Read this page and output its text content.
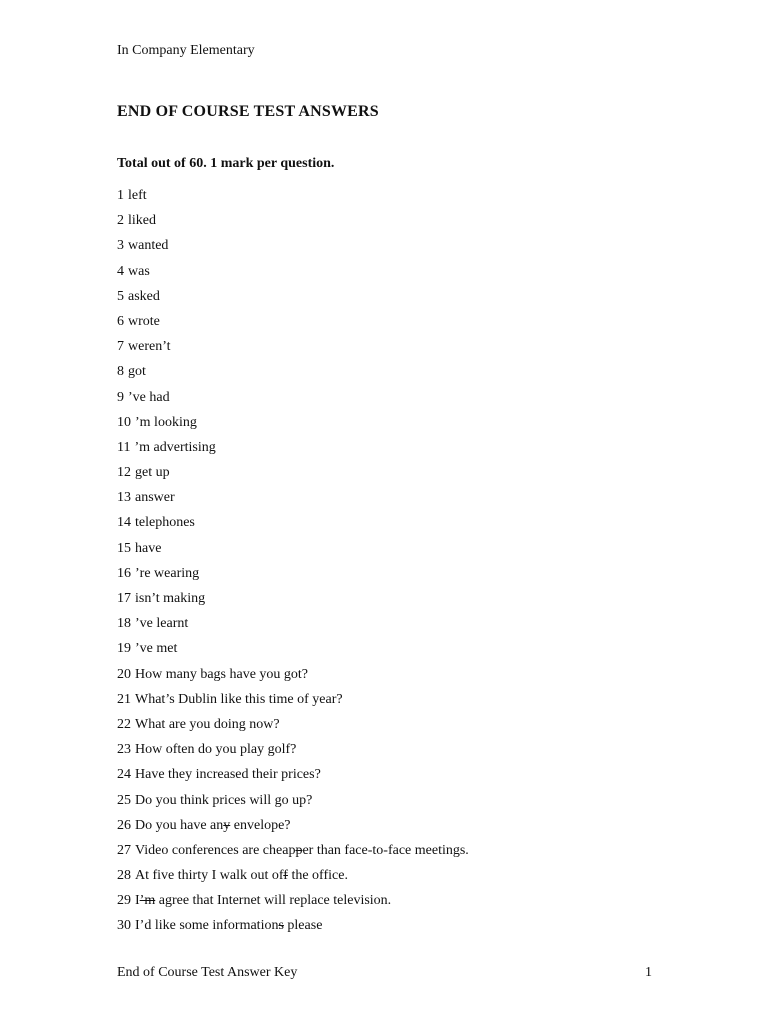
In Company Elementary
END OF COURSE TEST ANSWERS
Total out of 60. 1 mark per question.
1 left
2 liked
3 wanted
4 was
5 asked
6 wrote
7 weren’t
8 got
9 ’ve had
10 ’m looking
11 ’m advertising
12 get up
13 answer
14 telephones
15 have
16 ’re wearing
17 isn’t making
18 ’ve learnt
19 ’ve met
20 How many bags have you got?
21 What’s Dublin like this time of year?
22 What are you doing now?
23 How often do you play golf?
24 Have they increased their prices?
25 Do you think prices will go up?
26 Do you have any envelope?
27 Video conferences are cheapper than face-to-face meetings.
28 At five thirty I walk out off the office.
29 I’m agree that Internet will replace television.
30 I’d like some informations please
End of Course Test Answer Key	1
